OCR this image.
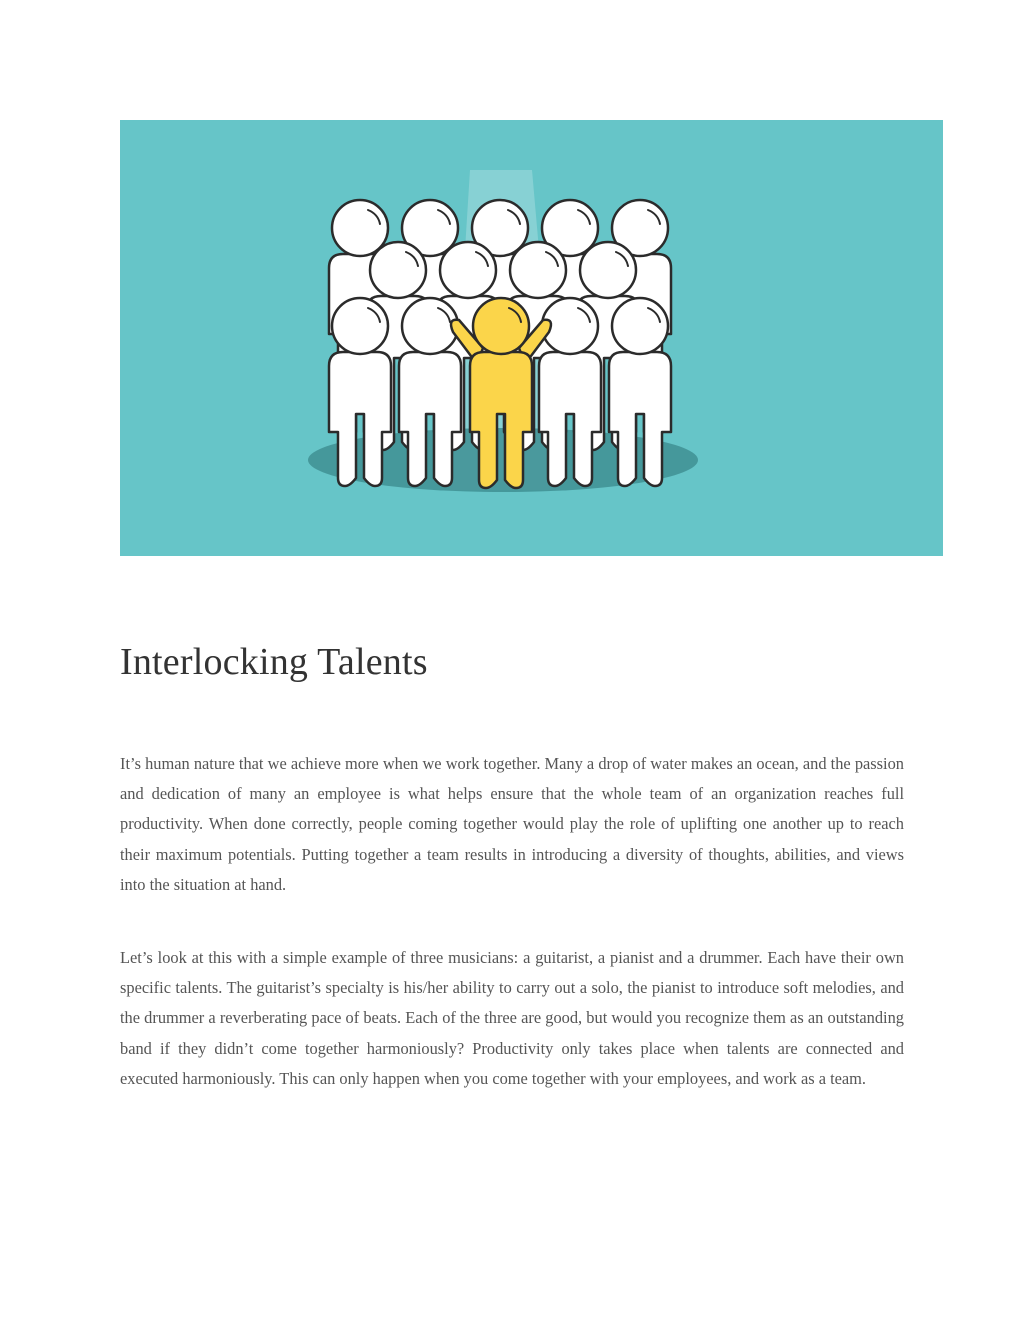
Interlocking Talents

It’s human nature that we achieve more when we work together. Many a drop of water makes an ocean, and the passion and dedication of many an employee is what helps ensure that the whole team of an organization reaches full productivity. When done correctly, people coming together would play the role of uplifting one another up to reach their maximum potentials. Putting together a team results in introducing a diversity of thoughts, abilities, and views into the situation at hand.

Let’s look at this with a simple example of three musicians: a guitarist, a pianist and a drummer. Each have their own specific talents. The guitarist’s specialty is his/her ability to carry out a solo, the pianist to introduce soft melodies, and the drummer a reverberating pace of beats. Each of the three are good, but would you recognize them as an outstanding band if they didn’t come together harmoniously? Productivity only takes place when talents are connected and executed harmoniously. This can only happen when you come together with your employees, and work as a team.
